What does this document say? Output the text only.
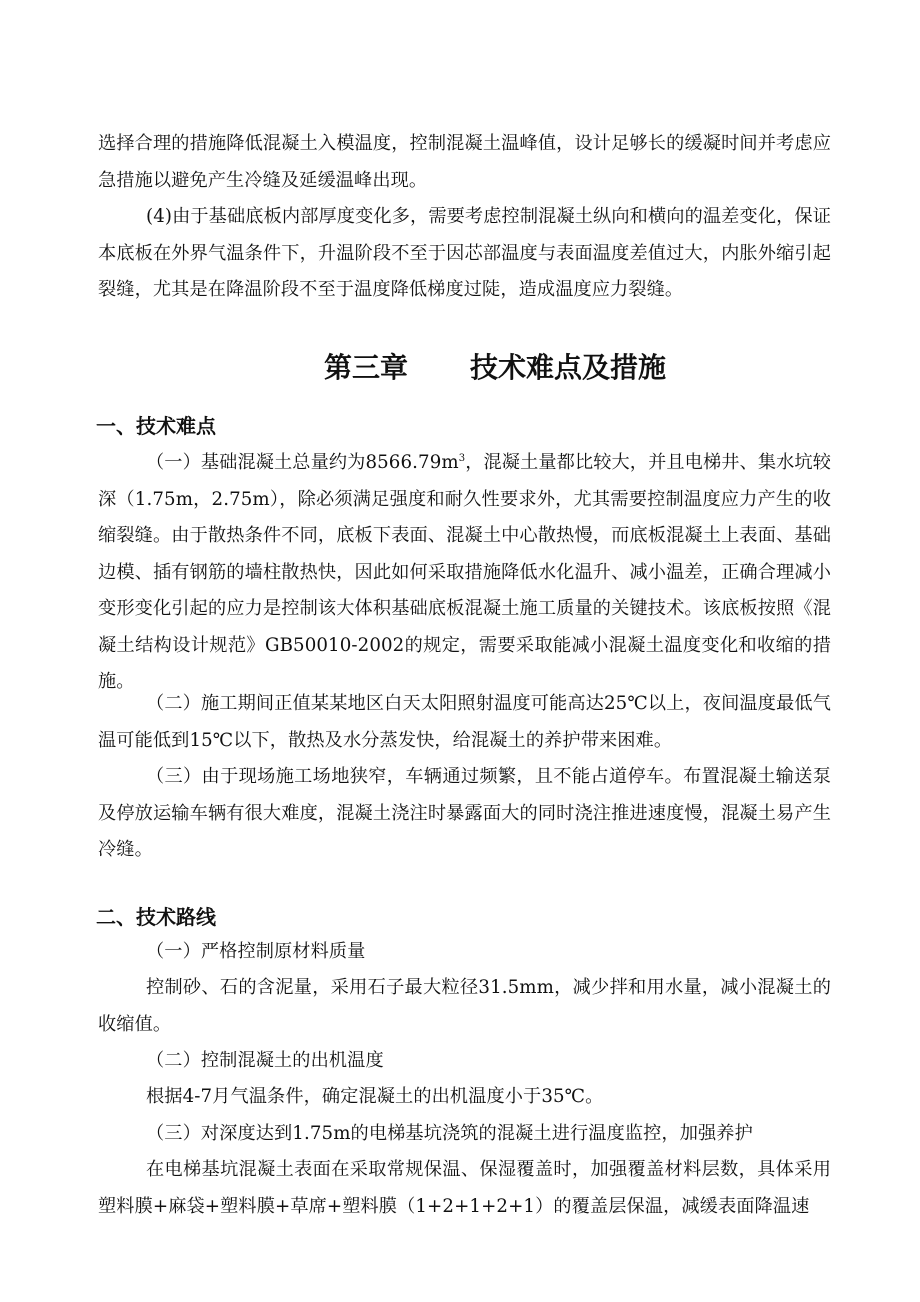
选择合理的措施降低混凝土入模温度，控制混凝土温峰值，设计足够长的缓凝时间并考虑应急措施以避免产生冷缝及延缓温峰出现。
(4)由于基础底板内部厚度变化多，需要考虑控制混凝土纵向和横向的温差变化，保证本底板在外界气温条件下，升温阶段不至于因芯部温度与表面温度差值过大，内胀外缩引起裂缝，尤其是在降温阶段不至于温度降低梯度过陡，造成温度应力裂缝。
第三章 技术难点及措施
一、技术难点
（一）基础混凝土总量约为$8566.79m^3$，混凝土量都比较大，并且电梯井、集水坑较深（1.75m，2.75m），除必须满足强度和耐久性要求外，尤其需要控制温度应力产生的收缩裂缝。由于散热条件不同，底板下表面、混凝土中心散热慢，而底板混凝土上表面、基础边模、插有钢筋的墙柱散热快，因此如何采取措施降低水化温升、减小温差，正确合理减小变形变化引起的应力是控制该大体积基础底板混凝土施工质量的关键技术。该底板按照《混凝土结构设计规范》GB50010-2002的规定，需要采取能减小混凝土温度变化和收缩的措施。
（二）施工期间正值某某地区白天太阳照射温度可能高达25℃以上，夜间温度最低气温可能低到15℃以下，散热及水分蒸发快，给混凝土的养护带来困难。
（三）由于现场施工场地狭窄，车辆通过频繁，且不能占道停车。布置混凝土输送泵及停放运输车辆有很大难度，混凝土浇注时暴露面大的同时浇注推进速度慢，混凝土易产生冷缝。
二、技术路线
（一）严格控制原材料质量
控制砂、石的含泥量，采用石子最大粒径31.5mm，减少拌和用水量，减小混凝土的收缩值。
（二）控制混凝土的出机温度
根据4-7月气温条件，确定混凝土的出机温度小于35℃。
（三）对深度达到1.75m的电梯基坑浇筑的混凝土进行温度监控，加强养护
在电梯基坑混凝土表面在采取常规保温、保湿覆盖时，加强覆盖材料层数，具体采用塑料膜+麻袋+塑料膜+草席+塑料膜（1+2+1+2+1）的覆盖层保温，减缓表面降温速
